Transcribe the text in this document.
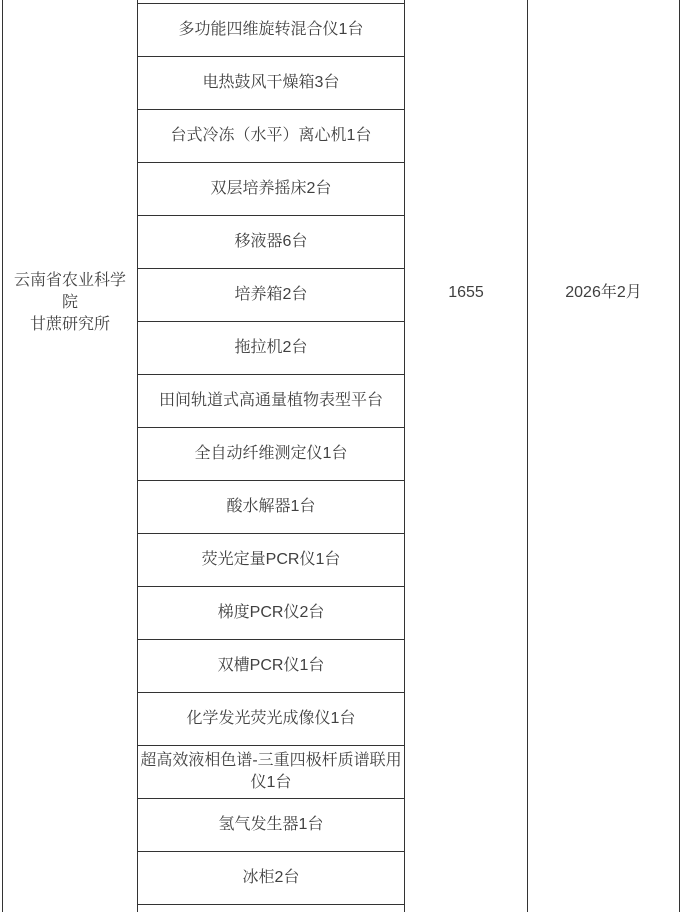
云南省农业科学院
甘蔗研究所
多功能四维旋转混合仪1台
电热鼓风干燥箱3台
台式冷冻（水平）离心机1台
双层培养摇床2台
移液器6台
培养箱2台
拖拉机2台
田间轨道式高通量植物表型平台
全自动纤维测定仪1台
酸水解器1台
荧光定量PCR仪1台
梯度PCR仪2台
双槽PCR仪1台
化学发光荧光成像仪1台
超高效液相色谱-三重四极杆质谱联用仪1台
氢气发生器1台
冰柜2台
1655	2026年2月
